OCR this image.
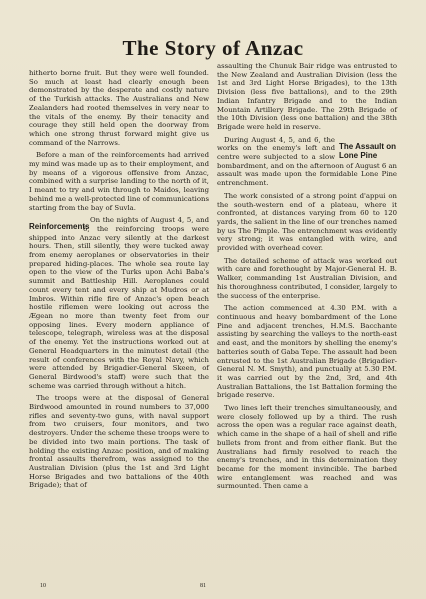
The Story of Anzac

hitherto borne fruit. But they were well founded. So much at least had clearly enough been demonstrated by the desperate and costly nature of the Turkish attacks. The Australians and New Zealanders had rooted themselves in very near to the vitals of the enemy. By their tenacity and courage they still held open the doorway from which one strong thrust forward might give us command of the Narrows.

Before a man of the reinforcements had arrived my mind was made up as to their employment, and by means of a vigorous offensive from Anzac, combined with a surprise landing to the north of it, I meant to try and win through to Maidos, leaving behind me a well-protected line of communications starting from the bay of Suvla.

Reinforcements

On the nights of August 4, 5, and 6, the reinforcing troops were shipped into Anzac very silently at the darkest hours. Then, still silently, they were tucked away from enemy aeroplanes or observatories in their prepared hiding-places. The whole sea route lay open to the view of the Turks upon Achi Baba's summit and Battleship Hill. Aeroplanes could count every tent and every ship at Mudros or at Imbros. Within rifle fire of Anzac's open beach hostile riflemen were looking out across the Ægean no more than twenty feet from our opposing lines. Every modern appliance of telescope, telegraph, wireless was at the disposal of the enemy. Yet the instructions worked out at General Headquarters in the minutest detail (the result of conferences with the Royal Navy, which were attended by Brigadier-General Skeen, of General Birdwood's staff) were such that the scheme was carried through without a hitch.

The troops were at the disposal of General Birdwood amounted in round numbers to 37,000 rifles and seventy-two guns, with naval support from two cruisers, four monitors, and two destroyers. Under the scheme these troops were to be divided into two main portions. The task of holding the existing Anzac position, and of making frontal assaults therefrom, was assigned to the Australian Division (plus the 1st and 3rd Light Horse Brigades and two battalions of the 40th Brigade); that of

assaulting the Chunuk Bair ridge was entrusted to the New Zealand and Australian Division (less the 1st and 3rd Light Horse Brigades), to the 13th Division (less five battalions), and to the 29th Indian Infantry Brigade and to the Indian Mountain Artillery Brigade. The 29th Brigade of the 10th Division (less one battalion) and the 38th Brigade were held in reserve.

The Assault on Lone Pine

During August 4, 5, and 6, the works on the enemy's left and centre were subjected to a slow bombardment, and on the afternoon of August 6 an assault was made upon the formidable Lone Pine entrenchment.

The work consisted of a strong point d'appui on the south-western end of a plateau, where it confronted, at distances varying from 60 to 120 yards, the salient in the line of our trenches named by us The Pimple. The entrenchment was evidently very strong; it was entangled with wire, and provided with overhead cover.

The detailed scheme of attack was worked out with care and forethought by Major-General H. B. Walker, commanding 1st Australian Division, and his thoroughness contributed, I consider, largely to the success of the enterprise.

The action commenced at 4.30 P.M. with a continuous and heavy bombardment of the Lone Pine and adjacent trenches, H.M.S. Bacchante assisting by searching the valleys to the north-east and east, and the monitors by shelling the enemy's batteries south of Gaba Tepe. The assault had been entrusted to the 1st Australian Brigade (Brigadier-General N. M. Smyth), and punctually at 5.30 P.M. it was carried out by the 2nd, 3rd, and 4th Australian Battalions, the 1st Battalion forming the brigade reserve.

Two lines left their trenches simultaneously, and were closely followed up by a third. The rush across the open was a regular race against death, which came in the shape of a hail of shell and rifle bullets from front and from either flank. But the Australians had firmly resolved to reach the enemy's trenches, and in this determination they became for the moment invincible. The barbed wire entanglement was reached and was surmounted. Then came a

10	81
